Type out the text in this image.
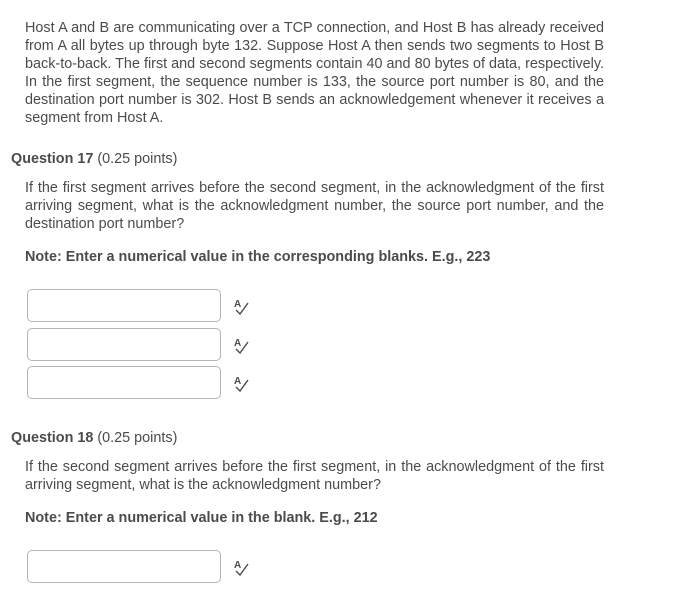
Host A and B are communicating over a TCP connection, and Host B has already received from A all bytes up through byte 132. Suppose Host A then sends two segments to Host B back-to-back. The first and second segments contain 40 and 80 bytes of data, respectively. In the first segment, the sequence number is 133, the source port number is 80, and the destination port number is 302. Host B sends an acknowledgement whenever it receives a segment from Host A.

Question 17 (0.25 points)

If the first segment arrives before the second segment, in the acknowledgment of the first arriving segment, what is the acknowledgment number, the source port number, and the destination port number?

Note: Enter a numerical value in the corresponding blanks. E.g., 223

A
A
A

Question 18 (0.25 points)

If the second segment arrives before the first segment, in the acknowledgment of the first arriving segment, what is the acknowledgment number?

Note: Enter a numerical value in the blank. E.g., 212

A
